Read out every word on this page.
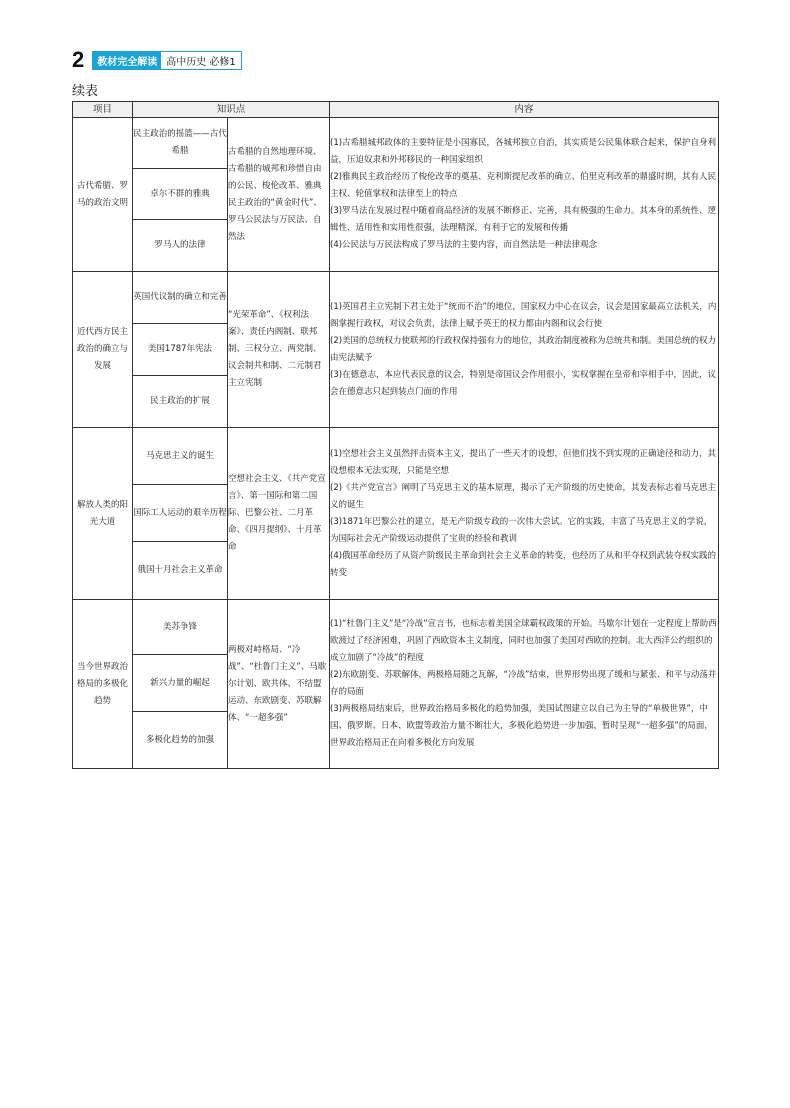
2	教材完全解读 高中历史 必修1
续表
项目	知识点		内容
古代希腊、罗马的政治文明	民主政治的摇篮——古代希腊	古希腊的自然地理环境、古希腊的城邦和珍惜自由的公民、梭伦改革、雅典民主政治的“黄金时代”、罗马公民法与万民法、自然法	(1)古希腊城邦政体的主要特征是小国寡民，各城邦独立自治，其实质是公民集体联合起来，保护自身利益，压迫奴隶和外邦移民的一种国家组织
(2)雅典民主政治经历了梭伦改革的奠基、克利斯提尼改革的确立、伯里克利改革的鼎盛时期，其有人民主权、轮值掌权和法律至上的特点
(3)罗马法在发展过程中随着商品经济的发展不断修正、完善，具有极强的生命力。其本身的系统性、逻辑性、适用性和实用性很强，法理精深，有利于它的发展和传播
(4)公民法与万民法构成了罗马法的主要内容，而自然法是一种法律观念

	卓尔不群的雅典		
	罗马人的法律		
近代西方民主政治的确立与发展	英国代议制的确立和完善	“光荣革命”、《权利法案》、责任内阁制、联邦制、三权分立、两党制、议会制共和制、二元制君主立宪制	(1)英国君主立宪制下君主处于“统而不治”的地位，国家权力中心在议会，议会是国家最高立法机关，内阁掌握行政权，对议会负责，法律上赋予英王的权力都由内阁和议会行使
(2)美国的总统权力使联邦的行政权保持强有力的地位，其政治制度被称为总统共和制。美国总统的权力由宪法赋予
(3)在德意志，本应代表民意的议会，特别是帝国议会作用很小，实权掌握在皇帝和宰相手中，因此，议会在德意志只起到装点门面的作用

	美国1787年宪法		
	民主政治的扩展		
解放人类的阳光大道	马克思主义的诞生	空想社会主义、《共产党宣言》、第一国际和第二国际、巴黎公社、二月革命、《四月提纲》、十月革命	(1)空想社会主义虽然抨击资本主义，提出了一些天才的设想，但他们找不到实现的正确途径和动力，其设想根本无法实现，只能是空想
(2)《共产党宣言》阐明了马克思主义的基本原理，揭示了无产阶级的历史使命，其发表标志着马克思主义的诞生
(3)1871年巴黎公社的建立，是无产阶级专政的一次伟大尝试。它的实践，丰富了马克思主义的学说，为国际社会无产阶级运动提供了宝贵的经验和教训
(4)俄国革命经历了从资产阶级民主革命到社会主义革命的转变，也经历了从和平夺权到武装夺权实践的转变

	国际工人运动的艰辛历程		
	俄国十月社会主义革命		
当今世界政治格局的多极化趋势	美苏争锋	两极对峙格局、“冷战”、“杜鲁门主义”、马歇尔计划、欧共体、不结盟运动、东欧剧变、苏联解体、“一超多强”	(1)“杜鲁门主义”是“冷战”宣言书，也标志着美国全球霸权政策的开始。马歇尔计划在一定程度上帮助西欧渡过了经济困难，巩固了西欧资本主义制度，同时也加强了美国对西欧的控制。北大西洋公约组织的成立加剧了“冷战”的程度
(2)东欧剧变、苏联解体，两极格局随之瓦解，“冷战”结束，世界形势出现了缓和与紧张、和平与动荡并存的局面
(3)两极格局结束后，世界政治格局多极化的趋势加强，美国试图建立以自己为主导的“单极世界”，中国、俄罗斯、日本、欧盟等政治力量不断壮大，多极化趋势进一步加强，暂时呈现“一超多强”的局面，世界政治格局正在向着多极化方向发展

	新兴力量的崛起		
	多极化趋势的加强		
